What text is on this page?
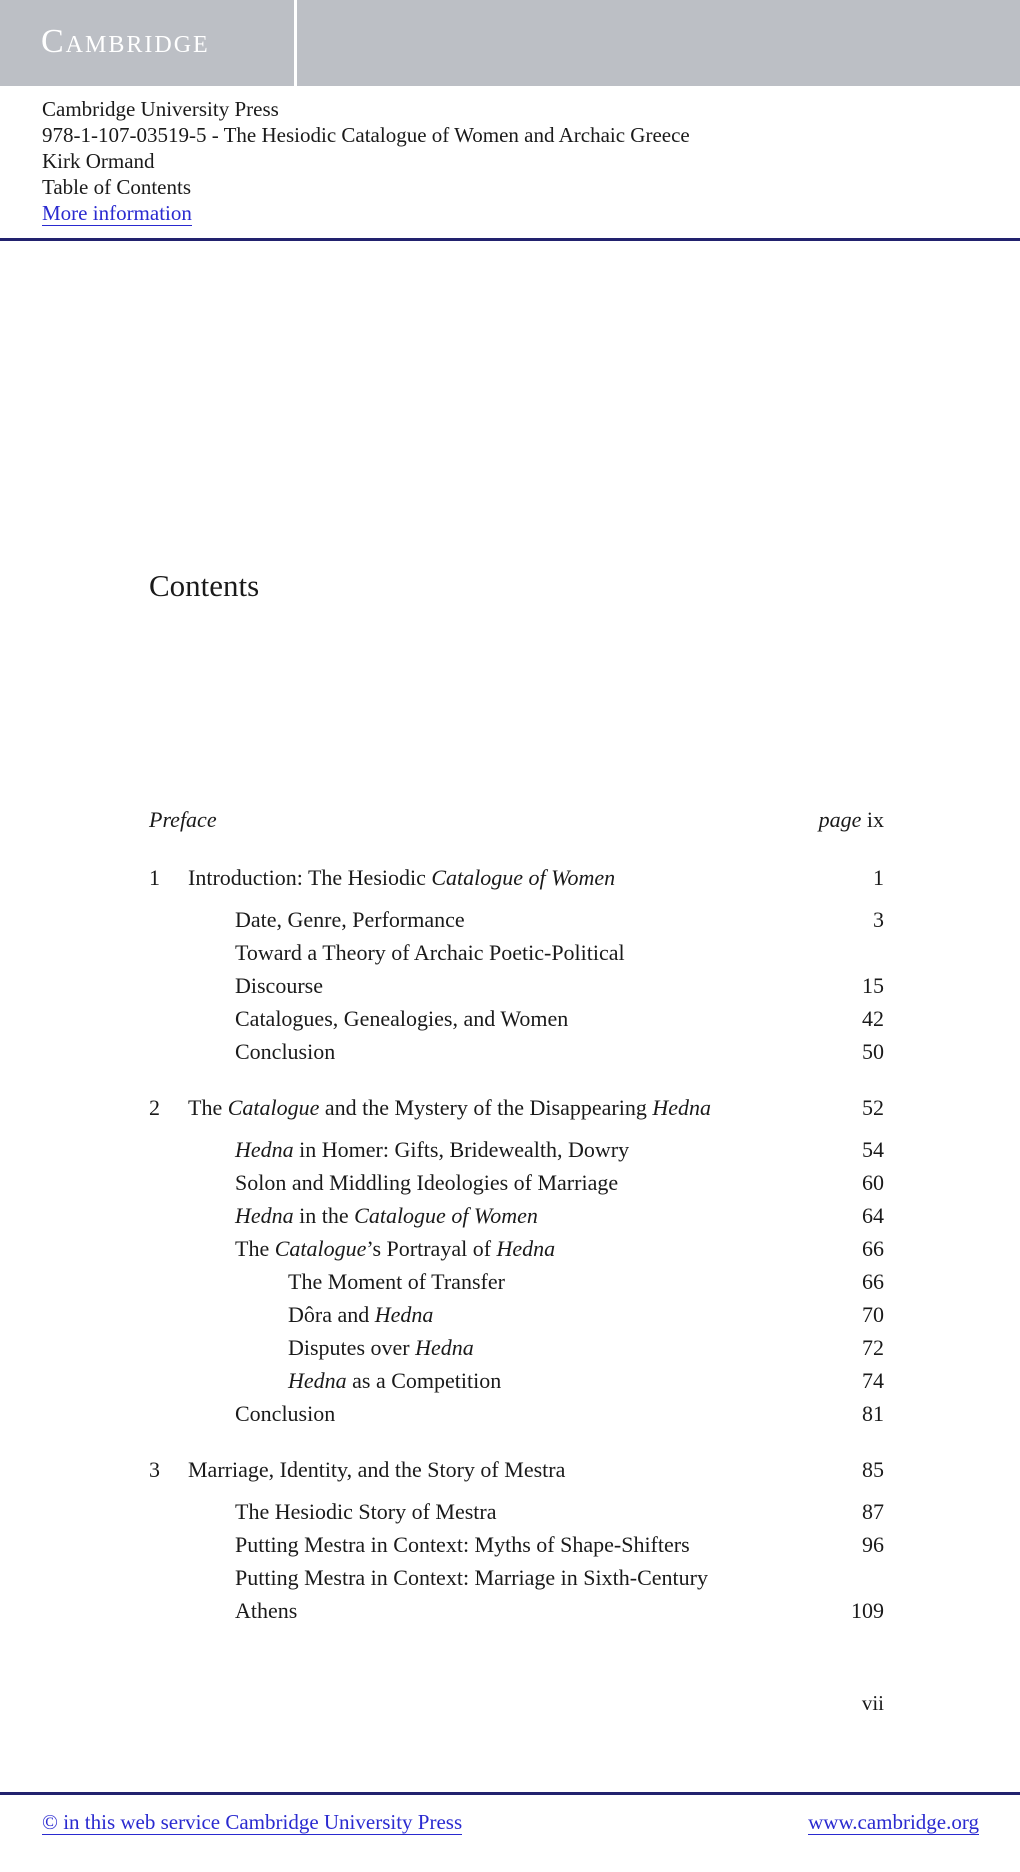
Cambridge
Cambridge University Press
978-1-107-03519-5 - The Hesiodic Catalogue of Women and Archaic Greece
Kirk Ormand
Table of Contents
More information
Contents
Preface	page ix
1 Introduction: The Hesiodic Catalogue of Women	1
Date, Genre, Performance	3
Toward a Theory of Archaic Poetic-Political
Discourse	15
Catalogues, Genealogies, and Women	42
Conclusion	50
2 The Catalogue and the Mystery of the Disappearing Hedna	52
Hedna in Homer: Gifts, Bridewealth, Dowry	54
Solon and Middling Ideologies of Marriage	60
Hedna in the Catalogue of Women	64
The Catalogue’s Portrayal of Hedna	66
The Moment of Transfer	66
Dôra and Hedna	70
Disputes over Hedna	72
Hedna as a Competition	74
Conclusion	81
3 Marriage, Identity, and the Story of Mestra	85
The Hesiodic Story of Mestra	87
Putting Mestra in Context: Myths of Shape-Shifters	96
Putting Mestra in Context: Marriage in Sixth-Century
Athens	109
vii
© in this web service Cambridge University Press	www.cambridge.org
